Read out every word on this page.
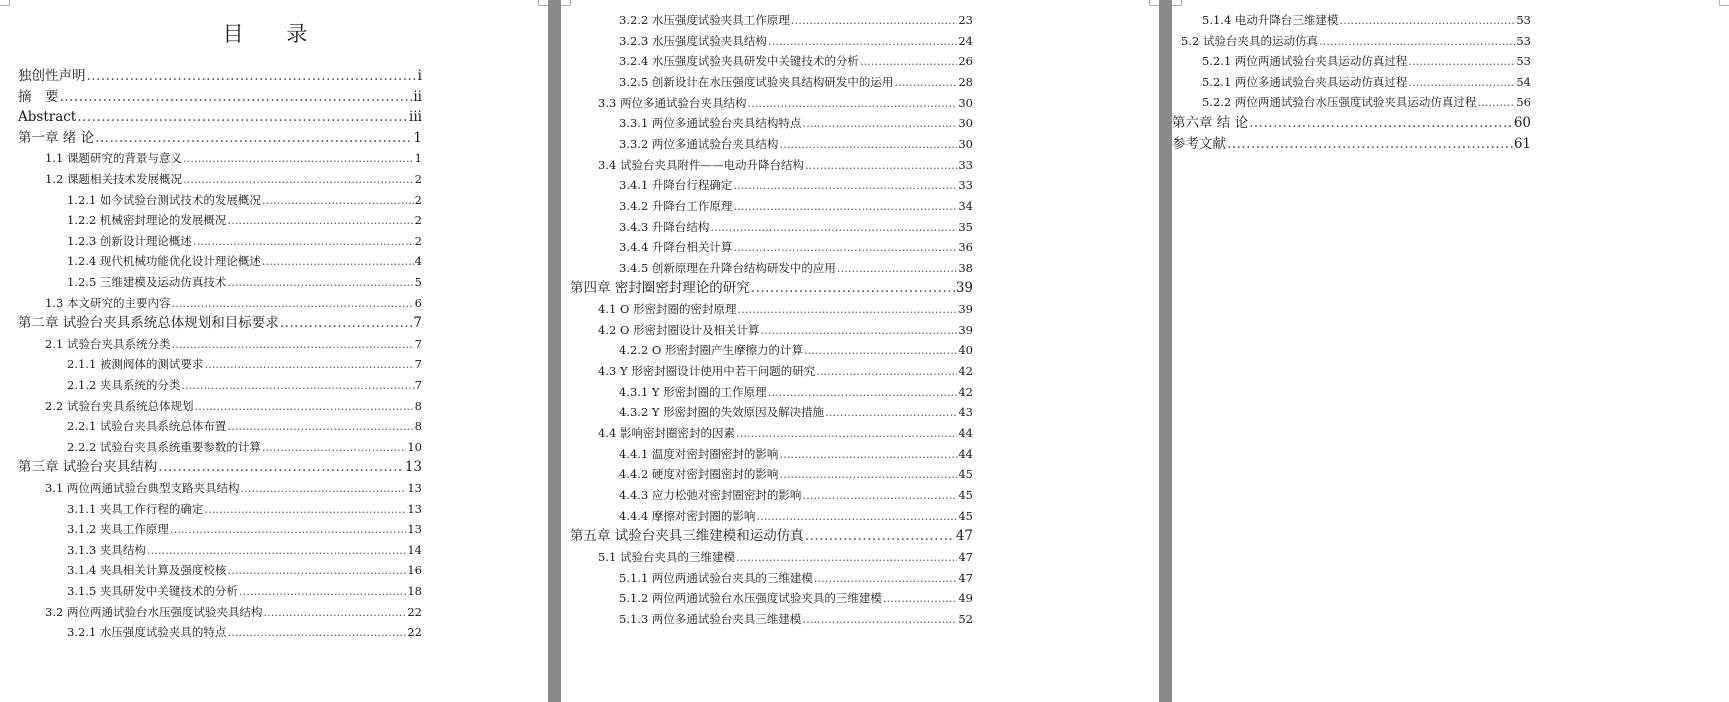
目 录
独创性声明 .....	i
摘　要 .....	ii
Abstract .....	iii
第一章 绪 论 .....	1
1.1 课题研究的背景与意义 .....	1
1.2 课题相关技术发展概况 .....	2
1.2.1 如今试验台测试技术的发展概况 .....	2
1.2.2 机械密封理论的发展概况 .....	2
1.2.3 创新设计理论概述 .....	2
1.2.4 现代机械功能优化设计理论概述 .....	4
1.2.5 三维建模及运动仿真技术 .....	5
1.3 本文研究的主要内容 .....	6
第二章 试验台夹具系统总体规划和目标要求 .....	7
2.1 试验台夹具系统分类 .....	7
2.1.1 被测阀体的测试要求 .....	7
2.1.2 夹具系统的分类 .....	7
2.2 试验台夹具系统总体规划 .....	8
2.2.1 试验台夹具系统总体布置 .....	8
2.2.2 试验台夹具系统重要参数的计算 .....	10
第三章 试验台夹具结构 .....	13
3.1 两位两通试验台典型支路夹具结构 .....	13
3.1.1 夹具工作行程的确定 .....	13
3.1.2 夹具工作原理 .....	13
3.1.3 夹具结构 .....	14
3.1.4 夹具相关计算及强度校核 .....	16
3.1.5 夹具研发中关键技术的分析 .....	18
3.2 两位两通试验台水压强度试验夹具结构 .....	22
3.2.1 水压强度试验夹具的特点 .....	22
3.2.2 水压强度试验夹具工作原理 .....	23
3.2.3 水压强度试验夹具结构 .....	24
3.2.4 水压强度试验夹具研发中关键技术的分析 .....	26
3.2.5 创新设计在水压强度试验夹具结构研发中的运用 .....	28
3.3 两位多通试验台夹具结构 .....	30
3.3.1 两位多通试验台夹具结构特点 .....	30
3.3.2 两位多通试验台夹具结构 .....	30
3.4 试验台夹具附件——电动升降台结构 .....	33
3.4.1 升降台行程确定 .....	33
3.4.2 升降台工作原理 .....	34
3.4.3 升降台结构 .....	35
3.4.4 升降台相关计算 .....	36
3.4.5 创新原理在升降台结构研发中的应用 .....	38
第四章 密封圈密封理论的研究 .....	39
4.1 O 形密封圈的密封原理 .....	39
4.2 O 形密封圈设计及相关计算 .....	39
4.2.2 O 形密封圈产生摩擦力的计算 .....	40
4.3 Y 形密封圈设计使用中若干问题的研究 .....	42
4.3.1 Y 形密封圈的工作原理 .....	42
4.3.2 Y 形密封圈的失效原因及解决措施 .....	43
4.4 影响密封圈密封的因素 .....	44
4.4.1 温度对密封圈密封的影响 .....	44
4.4.2 硬度对密封圈密封的影响 .....	45
4.4.3 应力松弛对密封圈密封的影响 .....	45
4.4.4 摩擦对密封圈的影响 .....	45
第五章 试验台夹具三维建模和运动仿真 .....	47
5.1 试验台夹具的三维建模 .....	47
5.1.1 两位两通试验台夹具的三维建模 .....	47
5.1.2 两位两通试验台水压强度试验夹具的三维建模 .....	49
5.1.3 两位多通试验台夹具三维建模 .....	52
5.1.4 电动升降台三维建模 .....	53
5.2 试验台夹具的运动仿真 .....	53
5.2.1 两位两通试验台夹具运动仿真过程 .....	53
5.2.1 两位多通试验台夹具运动仿真过程 .....	54
5.2.2 两位两通试验台水压强度试验夹具运动仿真过程 .....	56
第六章 结 论 .....	60
参考文献 .....	61
